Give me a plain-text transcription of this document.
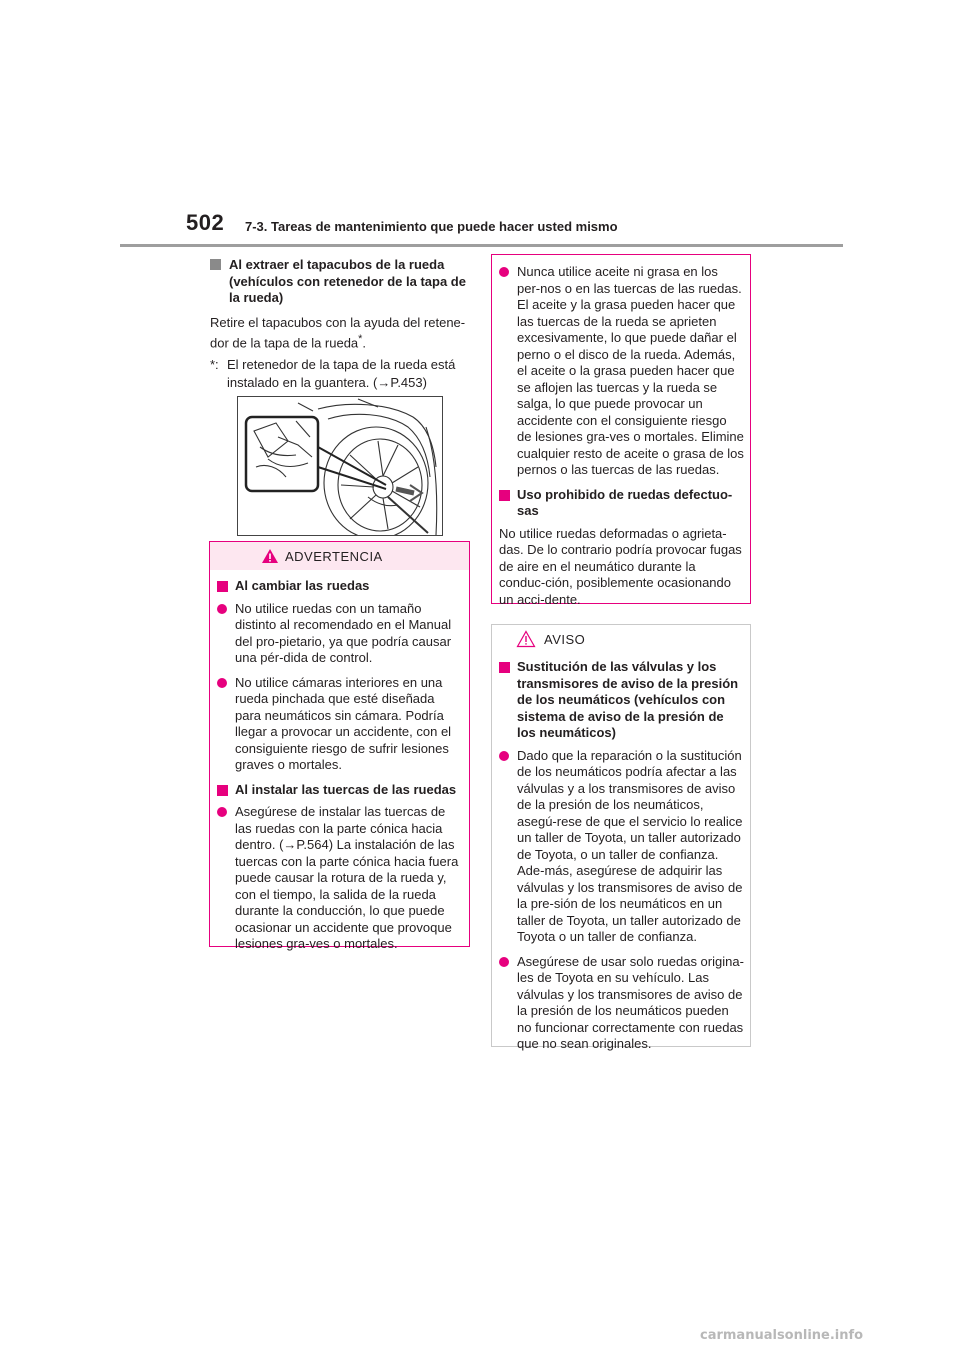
502 7-3. Tareas de mantenimiento que puede hacer usted mismo
Al extraer el tapacubos de la rueda (vehículos con retenedor de la tapa de la rueda)

Retire el tapacubos con la ayuda del retene-dor de la tapa de la rueda*.

*: El retenedor de la tapa de la rueda está instalado en la guantera. (→P.453)
ADVERTENCIA
Al cambiar las ruedas
No utilice ruedas con un tamaño distinto al recomendado en el Manual del pro-pietario, ya que podría causar una pér-dida de control.
No utilice cámaras interiores en una rueda pinchada que esté diseñada para neumáticos sin cámara. Podría llegar a provocar un accidente, con el consiguiente riesgo de sufrir lesiones graves o mortales.
Al instalar las tuercas de las ruedas
Asegúrese de instalar las tuercas de las ruedas con la parte cónica hacia dentro. (→P.564) La instalación de las tuercas con la parte cónica hacia fuera puede causar la rotura de la rueda y, con el tiempo, la salida de la rueda durante la conducción, lo que puede ocasionar un accidente que provoque lesiones gra-ves o mortales.
Nunca utilice aceite ni grasa en los per-nos o en las tuercas de las ruedas. El aceite y la grasa pueden hacer que las tuercas de la rueda se aprieten excesivamente, lo que puede dañar el perno o el disco de la rueda. Además, el aceite o la grasa pueden hacer que se aflojen las tuercas y la rueda se salga, lo que puede provocar un accidente con el consiguiente riesgo de lesiones gra-ves o mortales. Elimine cualquier resto de aceite o grasa de los pernos o las tuercas de las ruedas.
Uso prohibido de ruedas defectuo-sas

No utilice ruedas deformadas o agrieta-das. De lo contrario podría provocar fugas de aire en el neumático durante la conduc-ción, posiblemente ocasionando un acci-dente.

AVISO
Sustitución de las válvulas y los transmisores de aviso de la presión de los neumáticos (vehículos con sistema de aviso de la presión de los neumáticos)
Dado que la reparación o la sustitución de los neumáticos podría afectar a las válvulas y a los transmisores de aviso de la presión de los neumáticos, asegú-rese de que el servicio lo realice un taller de Toyota, un taller autorizado de Toyota, o un taller de confianza. Ade-más, asegúrese de adquirir las válvulas y los transmisores de aviso de la pre-sión de los neumáticos en un taller de Toyota, un taller autorizado de Toyota o un taller de confianza.
Asegúrese de usar solo ruedas origina-les de Toyota en su vehículo. Las válvulas y los transmisores de aviso de la presión de los neumáticos pueden no funcionar correctamente con ruedas que no sean originales.
carmanualsonline.info
